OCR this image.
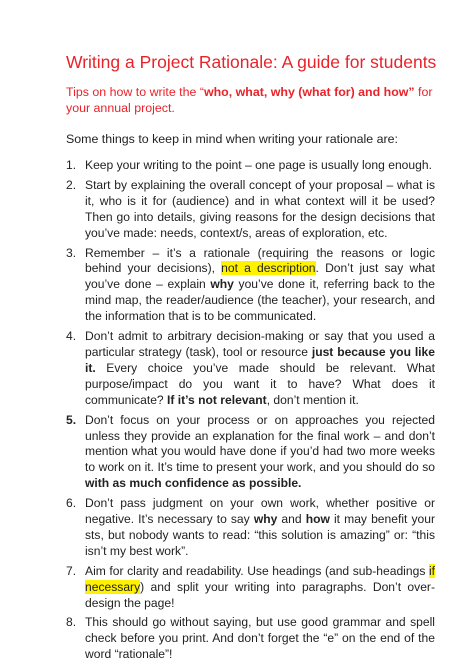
Writing a Project Rationale: A guide for students

Tips on how to write the “who, what, why (what for) and how” for your annual project.

Some things to keep in mind when writing your rationale are:

1. Keep your writing to the point – one page is usually long enough.
2. Start by explaining the overall concept of your proposal – what is it, who is it for (audience) and in what context will it be used? Then go into details, giving reasons for the design decisions that you’ve made: needs, context/s, areas of exploration, etc.
3. Remember – it’s a rationale (requiring the reasons or logic behind your decisions), not a description. Don’t just say what you’ve done – explain why you’ve done it, referring back to the mind map, the reader/audience (the teacher), your research, and the information that is to be communicated.
4. Don’t admit to arbitrary decision-making or say that you used a particular strategy (task), tool or resource just because you like it. Every choice you’ve made should be relevant. What purpose/impact do you want it to have? What does it communicate? If it’s not relevant, don’t mention it.
5. Don’t focus on your process or on approaches you rejected unless they provide an explanation for the final work – and don’t mention what you would have done if you’d had two more weeks to work on it. It’s time to present your work, and you should do so with as much confidence as possible.
6. Don’t pass judgment on your own work, whether positive or negative. It’s necessary to say why and how it may benefit your sts, but nobody wants to read: “this solution is amazing” or: “this isn’t my best work”.
7. Aim for clarity and readability. Use headings (and sub-headings if necessary) and split your writing into paragraphs. Don’t over-design the page!
8. This should go without saying, but use good grammar and spell check before you print. And don’t forget the “e” on the end of the word “rationale”!
